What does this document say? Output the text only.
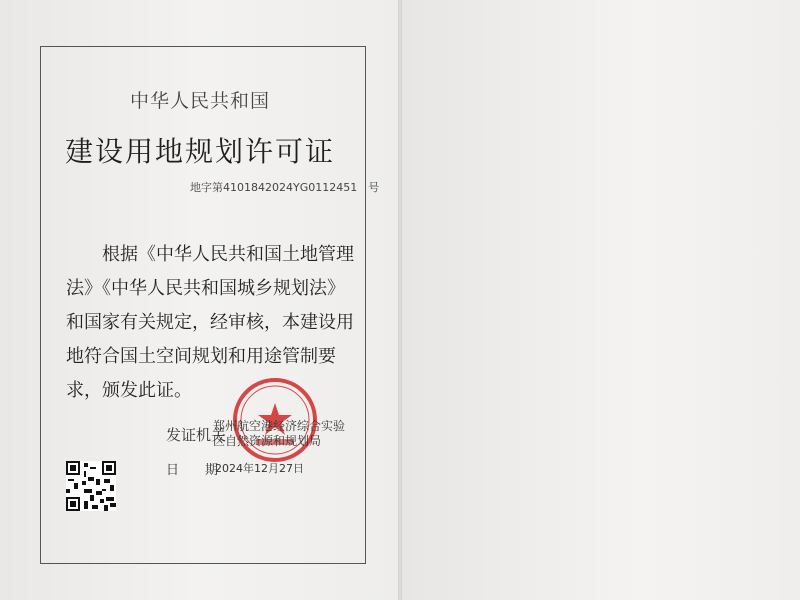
中华人民共和国
建设用地规划许可证
地字第4101842024YG0112451　 号
根据《中华人民共和国土地管理法》《中华人民共和国城乡规划法》和国家有关规定，经审核，本建设用地符合国土空间规划和用途管制要求，颁发此证。
发证机关
郑州航空港经济综合实验区自然资源和规划局
日　　期
2024年12月27日
